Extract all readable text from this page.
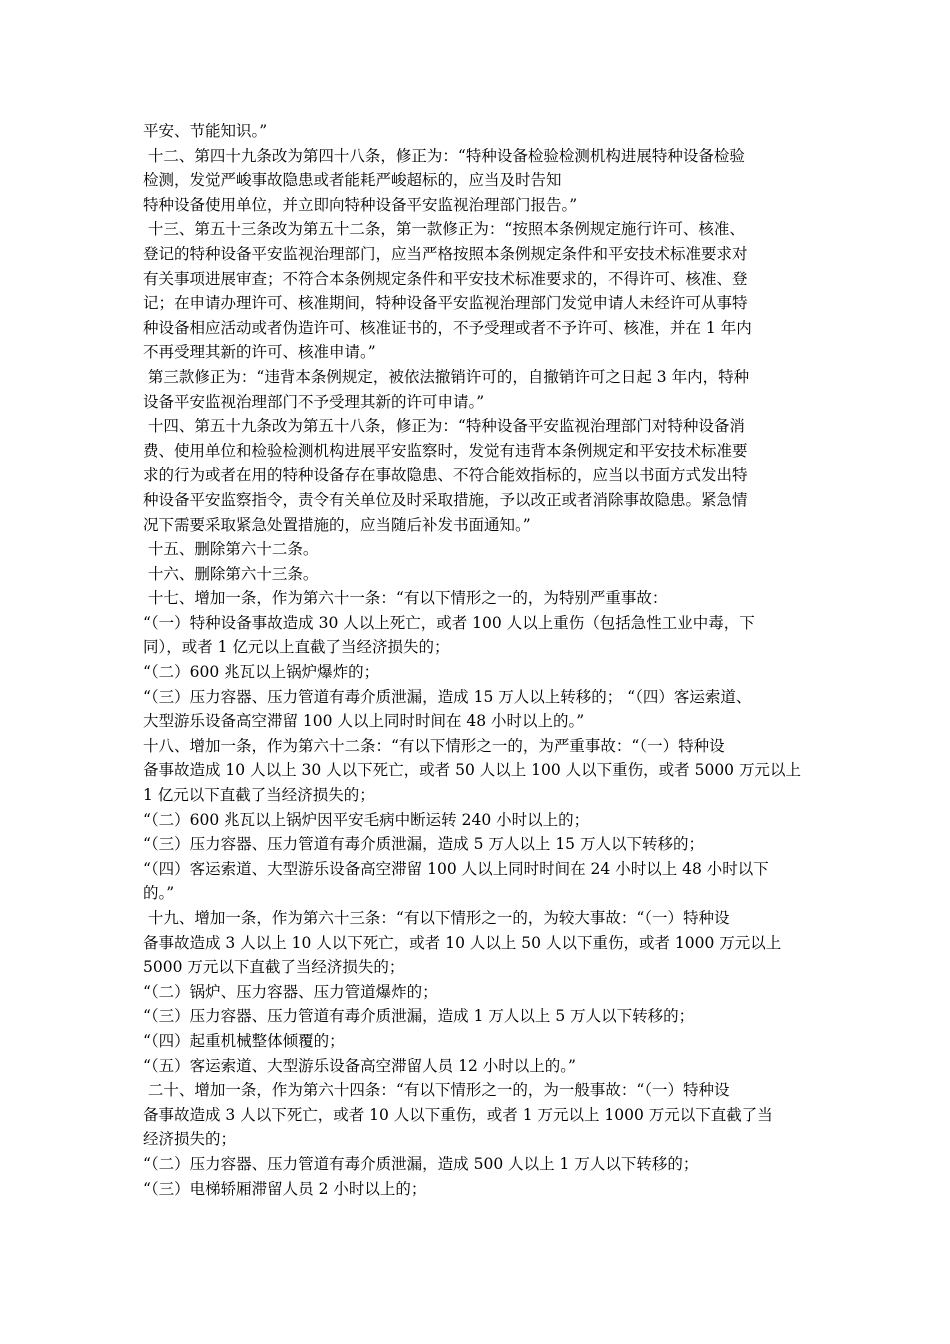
平安、节能知识。”
十二、第四十九条改为第四十八条，修正为：“特种设备检验检测机构进展特种设备检验
检测，发觉严峻事故隐患或者能耗严峻超标的，应当及时告知
特种设备使用单位，并立即向特种设备平安监视治理部门报告。”
十三、第五十三条改为第五十二条，第一款修正为：“按照本条例规定施行许可、核准、
登记的特种设备平安监视治理部门，应当严格按照本条例规定条件和平安技术标准要求对
有关事项进展审查；不符合本条例规定条件和平安技术标准要求的，不得许可、核准、登
记；在申请办理许可、核准期间，特种设备平安监视治理部门发觉申请人未经许可从事特
种设备相应活动或者伪造许可、核准证书的，不予受理或者不予许可、核准，并在 1 年内
不再受理其新的许可、核准申请。”
第三款修正为：“违背本条例规定，被依法撤销许可的，自撤销许可之日起 3 年内，特种
设备平安监视治理部门不予受理其新的许可申请。”
十四、第五十九条改为第五十八条，修正为：“特种设备平安监视治理部门对特种设备消
费、使用单位和检验检测机构进展平安监察时，发觉有违背本条例规定和平安技术标准要
求的行为或者在用的特种设备存在事故隐患、不符合能效指标的，应当以书面方式发出特
种设备平安监察指令，责令有关单位及时采取措施，予以改正或者消除事故隐患。紧急情
况下需要采取紧急处置措施的，应当随后补发书面通知。”
十五、删除第六十二条。
十六、删除第六十三条。
十七、增加一条，作为第六十一条：“有以下情形之一的，为特别严重事故：
“（一）特种设备事故造成 30 人以上死亡，或者 100 人以上重伤（包括急性工业中毒，下
同），或者 1 亿元以上直截了当经济损失的；
“（二）600 兆瓦以上锅炉爆炸的；
“（三）压力容器、压力管道有毒介质泄漏，造成 15 万人以上转移的； “（四）客运索道、
大型游乐设备高空滞留 100 人以上同时时间在 48 小时以上的。”
十八、增加一条，作为第六十二条：“有以下情形之一的，为严重事故：“（一）特种设
备事故造成 10 人以上 30 人以下死亡，或者 50 人以上 100 人以下重伤，或者 5000 万元以上
1 亿元以下直截了当经济损失的；
“（二）600 兆瓦以上锅炉因平安毛病中断运转 240 小时以上的；
“（三）压力容器、压力管道有毒介质泄漏，造成 5 万人以上 15 万人以下转移的；
“（四）客运索道、大型游乐设备高空滞留 100 人以上同时时间在 24 小时以上 48 小时以下
的。”
十九、增加一条，作为第六十三条：“有以下情形之一的，为较大事故：“（一）特种设
备事故造成 3 人以上 10 人以下死亡，或者 10 人以上 50 人以下重伤，或者 1000 万元以上
5000 万元以下直截了当经济损失的；
“（二）锅炉、压力容器、压力管道爆炸的；
“（三）压力容器、压力管道有毒介质泄漏，造成 1 万人以上 5 万人以下转移的；
“（四）起重机械整体倾覆的；
“（五）客运索道、大型游乐设备高空滞留人员 12 小时以上的。”
二十、增加一条，作为第六十四条：“有以下情形之一的，为一般事故：“（一）特种设
备事故造成 3 人以下死亡，或者 10 人以下重伤，或者 1 万元以上 1000 万元以下直截了当
经济损失的；
“（二）压力容器、压力管道有毒介质泄漏，造成 500 人以上 1 万人以下转移的；
“（三）电梯轿厢滞留人员 2 小时以上的；
